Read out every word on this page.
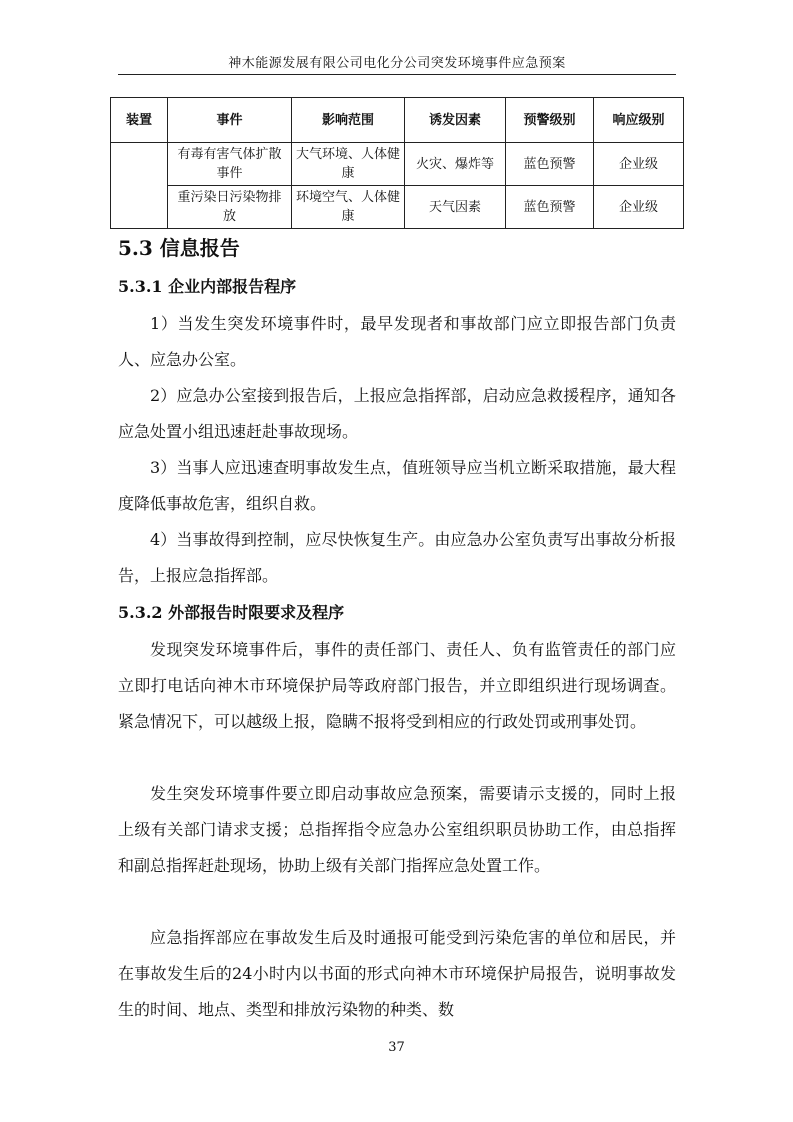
神木能源发展有限公司电化分公司突发环境事件应急预案
装置	事件	影响范围	诱发因素	预警级别	响应级别
	有毒有害气体扩散事件	大气环境、人体健康	火灾、爆炸等	蓝色预警	企业级
	重污染日污染物排放	环境空气、人体健康	天气因素	蓝色预警	企业级
5.3 信息报告
5.3.1 企业内部报告程序

1）当发生突发环境事件时，最早发现者和事故部门应立即报告部门负责人、应急办公室。

2）应急办公室接到报告后，上报应急指挥部，启动应急救援程序，通知各应急处置小组迅速赶赴事故现场。

3）当事人应迅速查明事故发生点，值班领导应当机立断采取措施，最大程度降低事故危害，组织自救。

4）当事故得到控制，应尽快恢复生产。由应急办公室负责写出事故分析报告，上报应急指挥部。

5.3.2 外部报告时限要求及程序

发现突发环境事件后，事件的责任部门、责任人、负有监管责任的部门应立即打电话向神木市环境保护局等政府部门报告，并立即组织进行现场调查。紧急情况下，可以越级上报，隐瞒不报将受到相应的行政处罚或刑事处罚。

发生突发环境事件要立即启动事故应急预案，需要请示支援的，同时上报上级有关部门请求支援；总指挥指令应急办公室组织职员协助工作，由总指挥和副总指挥赶赴现场，协助上级有关部门指挥应急处置工作。

应急指挥部应在事故发生后及时通报可能受到污染危害的单位和居民，并在事故发生后的24小时内以书面的形式向神木市环境保护局报告，说明事故发生的时间、地点、类型和排放污染物的种类、数

37
